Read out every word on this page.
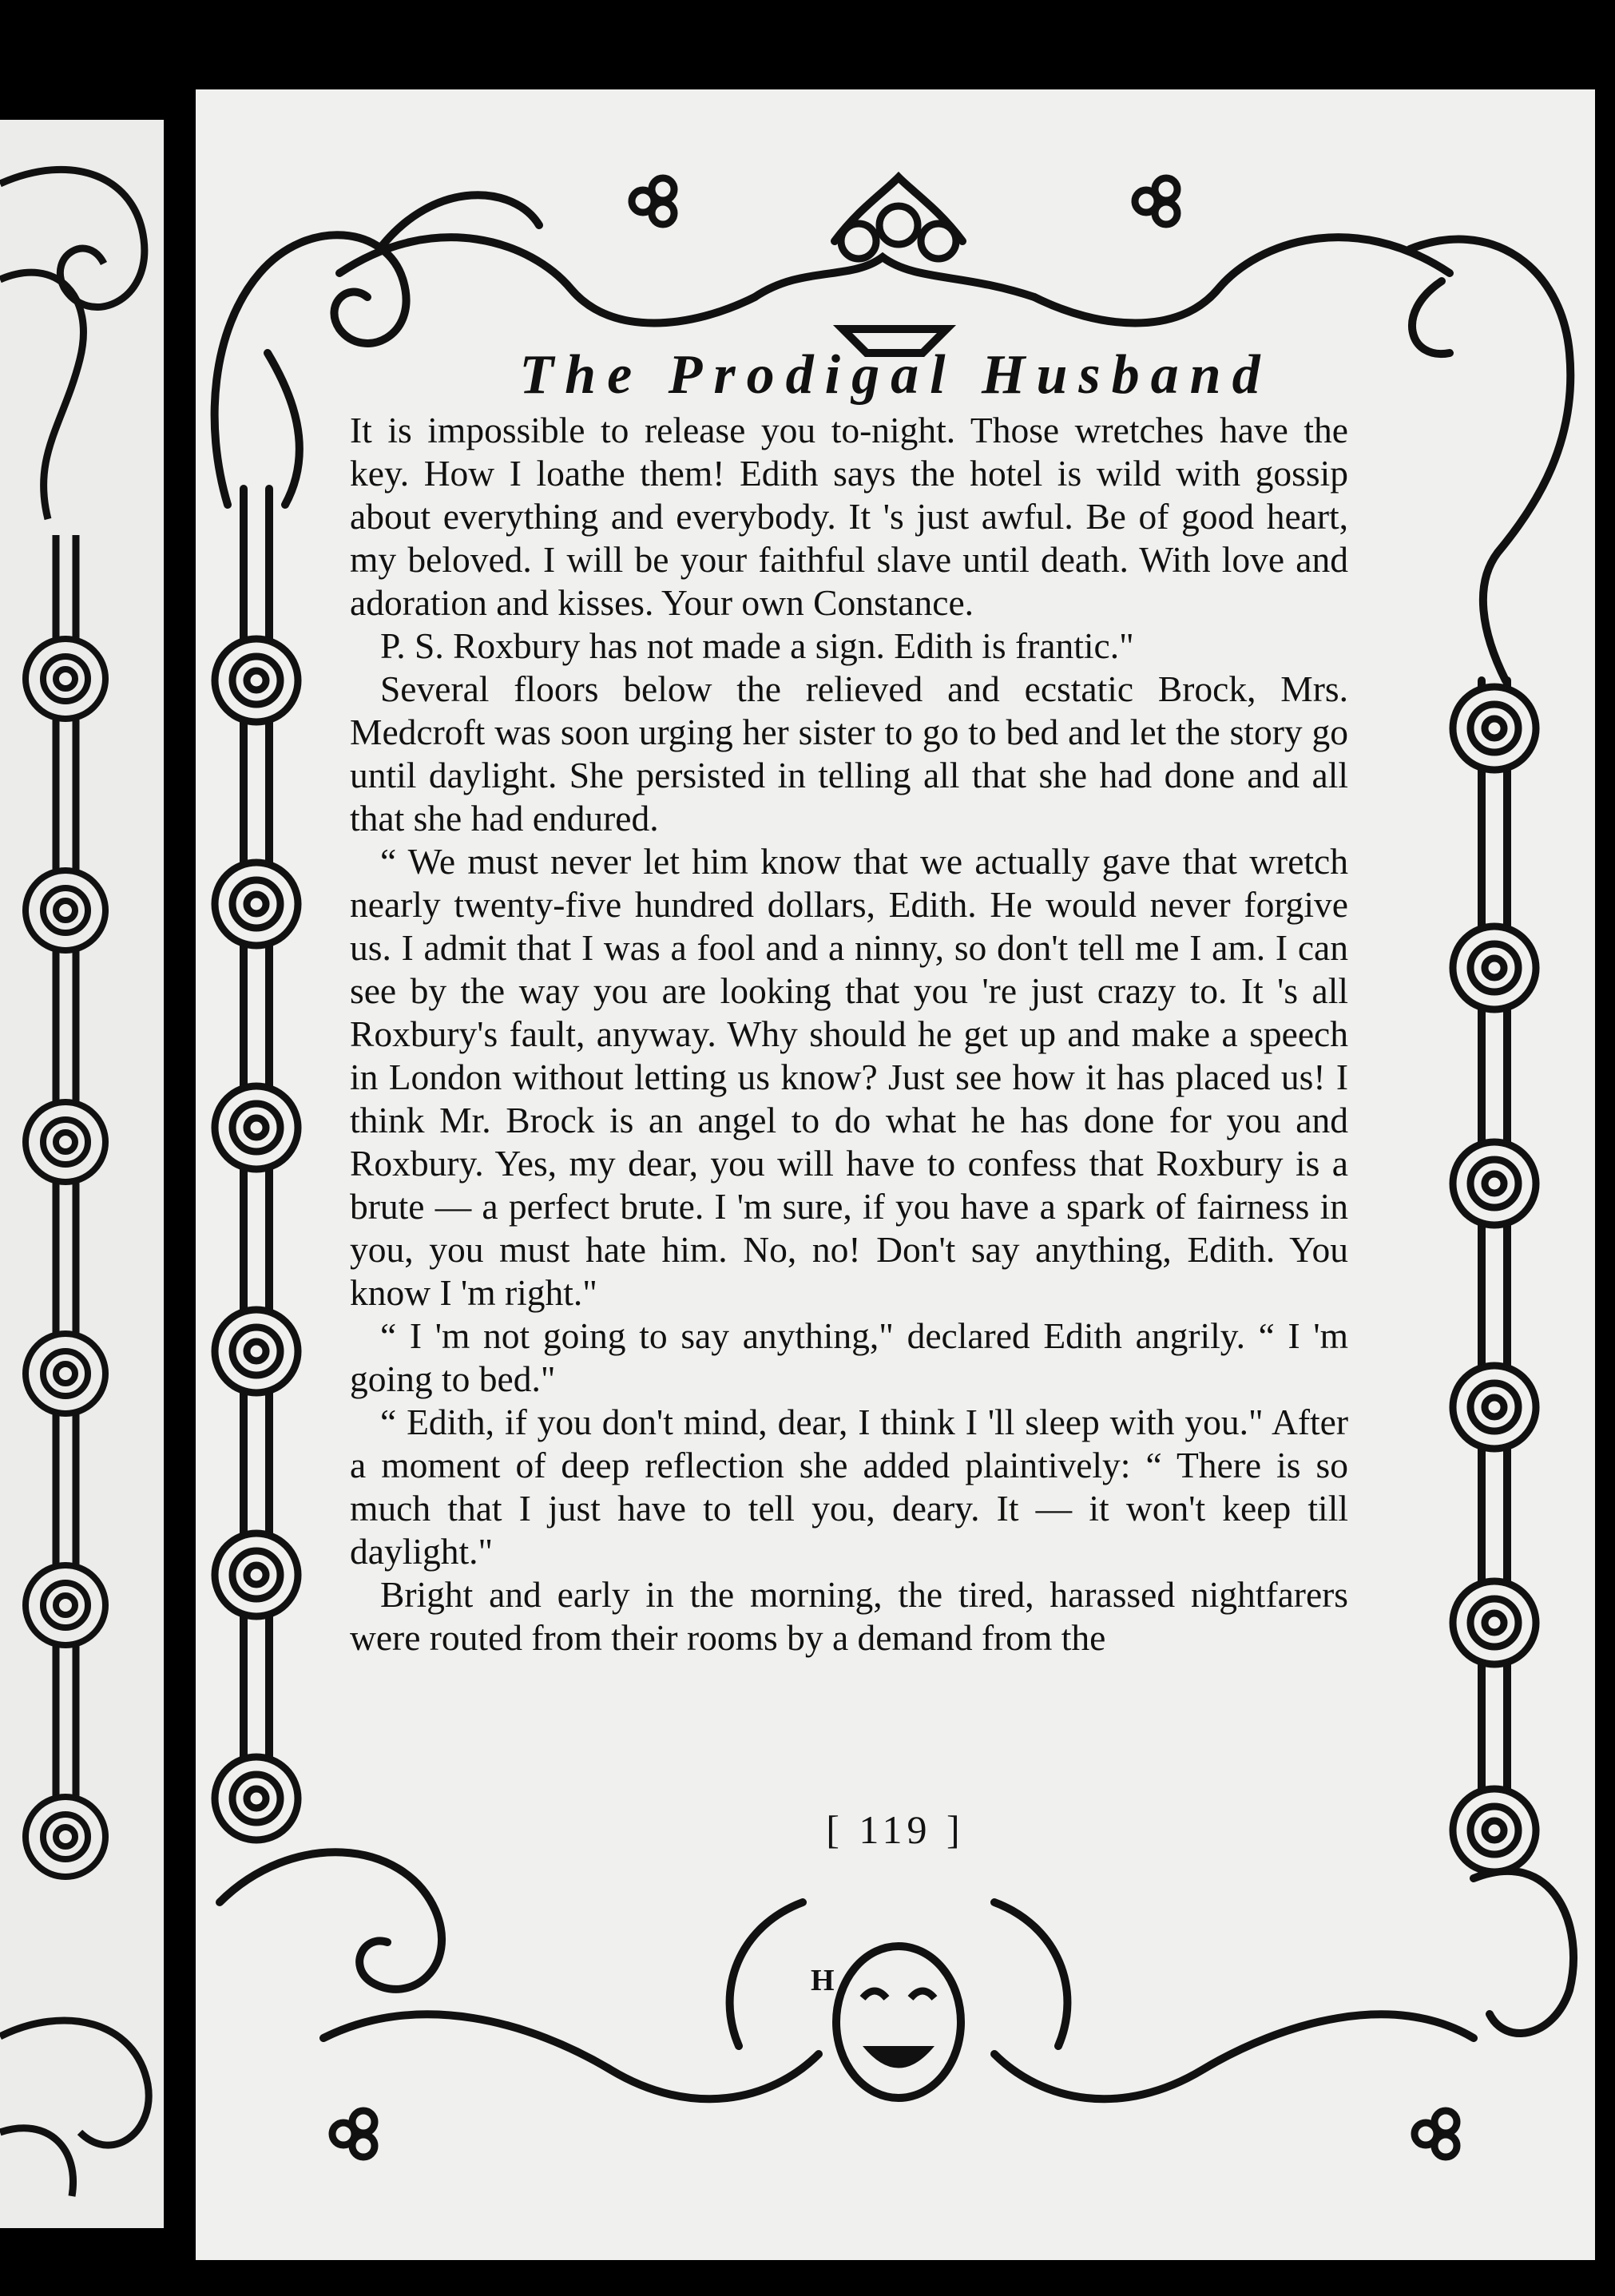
The Prodigal Husband

It is impossible to release you to-night. Those wretches have the key. How I loathe them! Edith says the hotel is wild with gossip about everything and everybody. It 's just awful. Be of good heart, my beloved. I will be your faithful slave until death. With love and adoration and kisses. Your own Constance.

P. S. Roxbury has not made a sign. Edith is frantic."

Several floors below the relieved and ecstatic Brock, Mrs. Medcroft was soon urging her sister to go to bed and let the story go until daylight. She persisted in telling all that she had done and all that she had endured.

“ We must never let him know that we actually gave that wretch nearly twenty-five hundred dollars, Edith. He would never forgive us. I admit that I was a fool and a ninny, so don't tell me I am. I can see by the way you are looking that you 're just crazy to. It 's all Roxbury's fault, anyway. Why should he get up and make a speech in London without letting us know? Just see how it has placed us! I think Mr. Brock is an angel to do what he has done for you and Roxbury. Yes, my dear, you will have to confess that Roxbury is a brute — a perfect brute. I 'm sure, if you have a spark of fairness in you, you must hate him. No, no! Don't say anything, Edith. You know I 'm right."

“ I 'm not going to say anything," declared Edith angrily. “ I 'm going to bed."

“ Edith, if you don't mind, dear, I think I 'll sleep with you." After a moment of deep reflection she added plaintively: “ There is so much that I just have to tell you, deary. It — it won't keep till daylight."

Bright and early in the morning, the tired, harassed nightfarers were routed from their rooms by a demand from the

[ 119 ]
H
